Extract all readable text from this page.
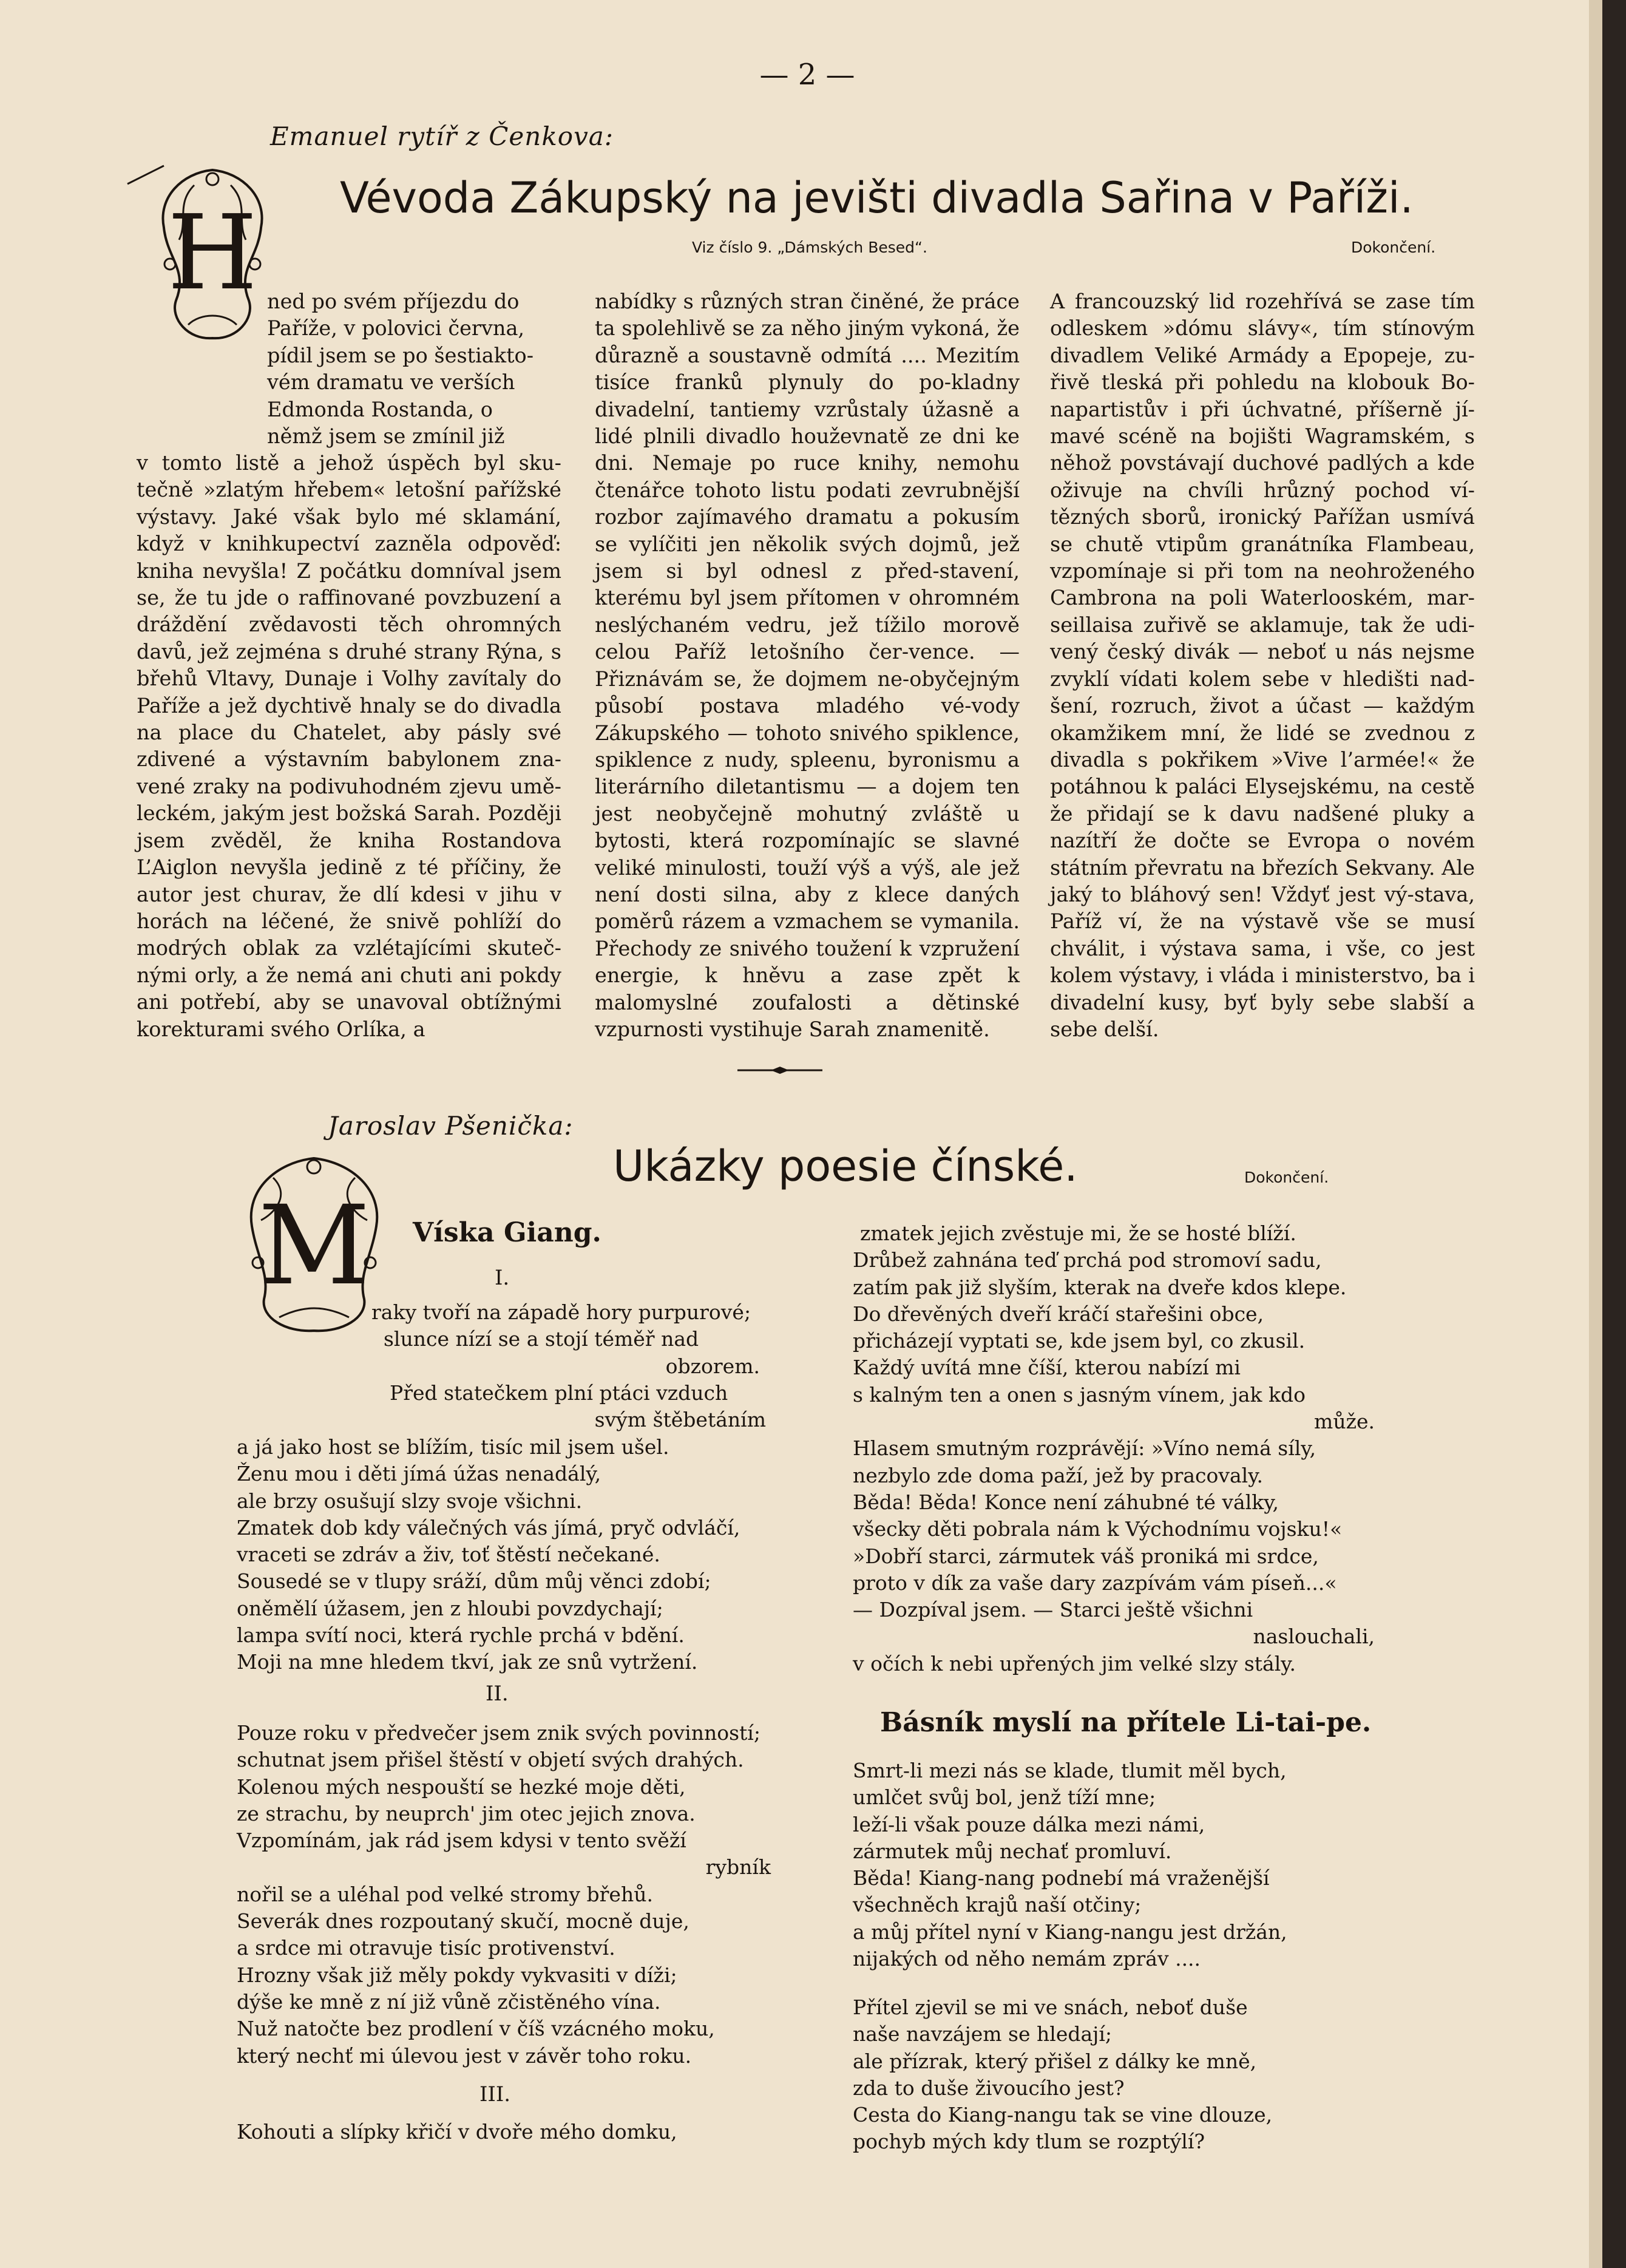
— 2 —
Emanuel rytíř z Čenkova:
Vévoda Zákupský na jevišti divadla Sařina v Paříži.
Viz číslo 9. „Dámských Besed“.	Dokončení.
H ned po svém příjezdu do

Paříže, v polovici června,

pídil jsem se po šestiakto-

vém dramatu ve verších

Edmonda Rostanda, o

němž jsem se zmínil již

v tomto listě a jehož úspěch byl sku-tečně »zlatým hřebem« letošní pařížské výstavy. Jaké však bylo mé sklamání, když v knihkupectví zazněla odpověď: kniha nevyšla! Z počátku domníval jsem se, že tu jde o raffinované povzbuzení a dráždění zvědavosti těch ohromných davů, jež zejména s druhé strany Rýna, s břehů Vltavy, Dunaje i Volhy zavítaly do Paříže a jež dychtivě hnaly se do divadla na place du Chatelet, aby pásly své zdivené a výstavním babylonem zna-vené zraky na podivuhodném zjevu umě-leckém, jakým jest božská Sarah. Později jsem zvěděl, že kniha Rostandova L’Aiglon nevyšla jedině z té příčiny, že autor jest churav, že dlí kdesi v jihu v horách na léčené, že snivě pohlíží do modrých oblak za vzlétajícími skuteč-nými orly, a že nemá ani chuti ani pokdy ani potřebí, aby se unavoval obtížnými korekturami svého Orlíka, a
nabídky s různých stran činěné, že práce ta spolehlivě se za něho jiným vykoná, že důrazně a soustavně odmítá .... Mezitím tisíce franků plynuly do po-kladny divadelní, tantiemy vzrůstaly úžasně a lidé plnili divadlo houževnatě ze dni ke dni. Nemaje po ruce knihy, nemohu čtenářce tohoto listu podati zevrubnější rozbor zajímavého dramatu a pokusím se vylíčiti jen několik svých dojmů, jež jsem si byl odnesl z před-stavení, kterému byl jsem přítomen v ohromném neslýchaném vedru, jež tížilo morově celou Paříž letošního čer-vence. — Přiznávám se, že dojmem ne-obyčejným působí postava mladého vé-vody Zákupského — tohoto snivého spiklence, spiklence z nudy, spleenu, byronismu a literárního diletantismu — a dojem ten jest neobyčejně mohutný zvláště u bytosti, která rozpomínajíc se slavné veliké minulosti, touží výš a výš, ale jež není dosti silna, aby z klece daných poměrů rázem a vzmachem se vymanila. Přechody ze snivého toužení k vzpružení energie, k hněvu a zase zpět k malomyslné zoufalosti a dětinské vzpurnosti vystihuje Sarah znamenitě.
A francouzský lid rozehřívá se zase tím odleskem »dómu slávy«, tím stínovým divadlem Veliké Armády a Epopeje, zu-řivě tleská při pohledu na klobouk Bo-napartistův i při úchvatné, příšerně jí-mavé scéně na bojišti Wagramském, s něhož povstávají duchové padlých a kde oživuje na chvíli hrůzný pochod ví-tězných sborů, ironický Pařížan usmívá se chutě vtipům granátníka Flambeau, vzpomínaje si při tom na neohroženého Cambrona na poli Waterlooském, mar-seillaisa zuřivě se aklamuje, tak že udi-vený český divák — neboť u nás nejsme zvyklí vídati kolem sebe v hledišti nad-šení, rozruch, život a účast — každým okamžikem mní, že lidé se zvednou z divadla s pokřikem »Vive l’armée!« že potáhnou k paláci Elysejskému, na cestě že přidají se k davu nadšené pluky a nazítří že dočte se Evropa o novém státním převratu na březích Sekvany. Ale jaký to bláhový sen! Vždyť jest vý-stava, Paříž ví, že na výstavě vše se musí chválit, i výstava sama, i vše, co jest kolem výstavy, i vláda i ministerstvo, ba i divadelní kusy, byť byly sebe slabší a sebe delší.
Jaroslav Pšenička:
Ukázky poesie čínské.	Dokončení.
M	Víska Giang.
I.
raky tvoří na západě hory purpurové;
slunce nízí se a stojí téměř nad
obzorem.
Před statečkem plní ptáci vzduch
svým štěbetáním
a já jako host se blížím, tisíc mil jsem ušel.
Ženu mou i děti jímá úžas nenadálý,
ale brzy osušují slzy svoje všichni.
Zmatek dob kdy válečných vás jímá, pryč odvláčí,
vraceti se zdráv a živ, toť štěstí nečekané.
Sousedé se v tlupy sráží, dům můj věnci zdobí;
oněmělí úžasem, jen z hloubi povzdychají;
lampa svítí noci, která rychle prchá v bdění.
Moji na mne hledem tkví, jak ze snů vytržení.
II.
Pouze roku v předvečer jsem znik svých povinností;
schutnat jsem přišel štěstí v objetí svých drahých.
Kolenou mých nespouští se hezké moje děti,
ze strachu, by neuprch' jim otec jejich znova.
Vzpomínám, jak rád jsem kdysi v tento svěží
rybník
nořil se a uléhal pod velké stromy břehů.
Severák dnes rozpoutaný skučí, mocně duje,
a srdce mi otravuje tisíc protivenství.
Hrozny však již měly pokdy vykvasiti v díži;
dýše ke mně z ní již vůně zčistěného vína.
Nuž natočte bez prodlení v číš vzácného moku,
který nechť mi úlevou jest v závěr toho roku.
III.
Kohouti a slípky křičí v dvoře mého domku,
zmatek jejich zvěstuje mi, že se hosté blíží.
Drůbež zahnána teď prchá pod stromoví sadu,
zatím pak již slyším, kterak na dveře kdos klepe.
Do dřevěných dveří kráčí stařešini obce,
přicházejí vyptati se, kde jsem byl, co zkusil.
Každý uvítá mne číší, kterou nabízí mi
s kalným ten a onen s jasným vínem, jak kdo
může.
Hlasem smutným rozprávějí: »Víno nemá síly,
nezbylo zde doma paží, jež by pracovaly.
Běda! Běda! Konce není záhubné té války,
všecky děti pobrala nám k Východnímu vojsku!«
»Dobří starci, zármutek váš proniká mi srdce,
proto v dík za vaše dary zazpívám vám píseň...«
— Dozpíval jsem. — Starci ještě všichni
naslouchali,
v očích k nebi upřených jim velké slzy stály.
Básník myslí na přítele Li-tai-pe.
Smrt-li mezi nás se klade, tlumit měl bych,
umlčet svůj bol, jenž tíží mne;
leží-li však pouze dálka mezi námi,
zármutek můj nechať promluví.
Běda! Kiang-nang podnebí má vraženější
všechněch krajů naší otčiny;
a můj přítel nyní v Kiang-nangu jest držán,
nijakých od něho nemám zpráv ....
Přítel zjevil se mi ve snách, neboť duše
naše navzájem se hledají;
ale přízrak, který přišel z dálky ke mně,
zda to duše živoucího jest?
Cesta do Kiang-nangu tak se vine dlouze,
pochyb mých kdy tlum se rozptýlí?
